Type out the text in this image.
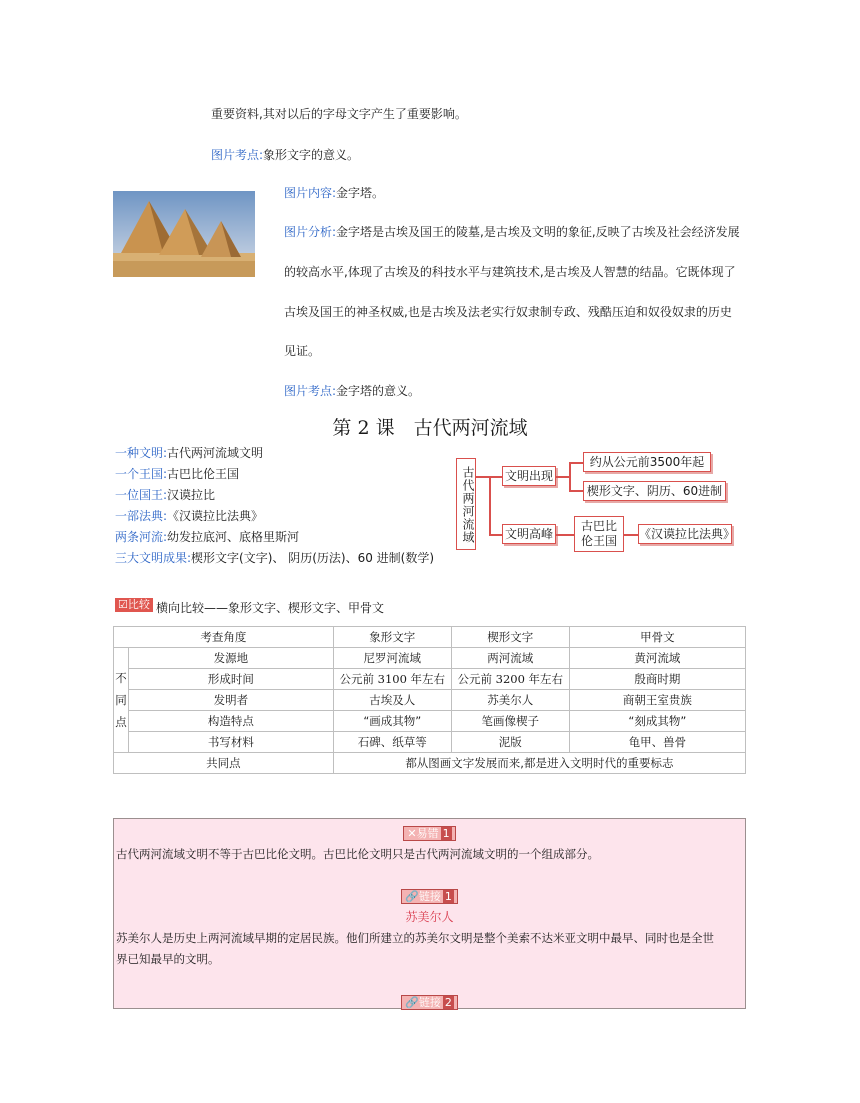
重要资料,其对以后的字母文字产生了重要影响。
图片考点:象形文字的意义。
图片内容:金字塔。
图片分析:金字塔是古埃及国王的陵墓,是古埃及文明的象征,反映了古埃及社会经济发展
的较高水平,体现了古埃及的科技水平与建筑技术,是古埃及人智慧的结晶。它既体现了
古埃及国王的神圣权威,也是古埃及法老实行奴隶制专政、残酷压迫和奴役奴隶的历史
见证。
图片考点:金字塔的意义。
第 2 课　古代两河流域
一种文明:古代两河流域文明
一个王国:古巴比伦王国
一位国王:汉谟拉比
一部法典:《汉谟拉比法典》
两条河流:幼发拉底河、底格里斯河
三大文明成果:楔形文字(文字)、 阴历(历法)、60 进制(数学)
古代两河流域 文明出现
约从公元前3500年起
楔形文字、阴历、60进制
文明高峰
古巴比伦王国	《汉谟拉比法典》
☑比较 横向比较——象形文字、楔形文字、甲骨文
考查角度		象形文字	楔形文字	甲骨文
不同点	发源地	尼罗河流域	两河流域	黄河流域
	形成时间	公元前 3100 年左右	公元前 3200 年左右	殷商时期
	发明者	古埃及人	苏美尔人	商朝王室贵族
	构造特点	“画成其物”	笔画像楔子	“刻成其物”
	书写材料	石碑、纸草等	泥版	龟甲、兽骨
共同点		都从图画文字发展而来,都是进入文明时代的重要标志		
✕易错 1
古代两河流域文明不等于古巴比伦文明。古巴比伦文明只是古代两河流域文明的一个组成部分。
🔗链接 1
苏美尔人
苏美尔人是历史上两河流域早期的定居民族。他们所建立的苏美尔文明是整个美索不达米亚文明中最早、同时也是全世
界已知最早的文明。
🔗链接 2
